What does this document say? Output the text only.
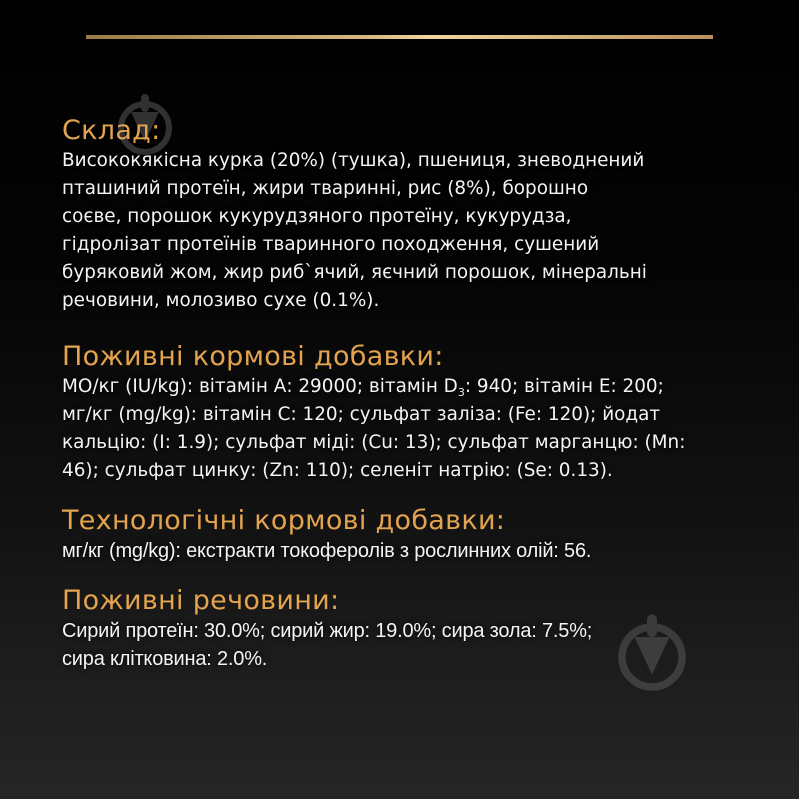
Склад:

Висококякісна курка (20%) (тушка), пшениця, зневоднений

пташиний протеїн, жири тваринні, рис (8%), борошно

соєве, порошок кукурудзяного протеїну, кукурудза,

гідролізат протеїнів тваринного походження, сушений

буряковий жом, жир риб`ячий, яєчний порошок, мінеральні

речовини, молозиво сухе (0.1%).

Поживні кормові добавки:

МО/кг (IU/kg): вітамін А: 29000; вітамін $D_3$: 940; вітамін Е: 200;

мг/кг (mg/kg): вітамін С: 120; сульфат заліза: (Fe: 120); йодат

кальцію: (I: 1.9); сульфат міді: (Cu: 13); сульфат марганцю: (Mn:

46); сульфат цинку: (Zn: 110); селеніт натрію: (Se: 0.13).

Технологічні кормові добавки:

мг/кг (mg/kg): екстракти токоферолів з рослинних олій: 56.

Поживні речовини:

Сирий протеїн: 30.0%; сирий жир: 19.0%; сира зола: 7.5%;

сира клітковина: 2.0%.
